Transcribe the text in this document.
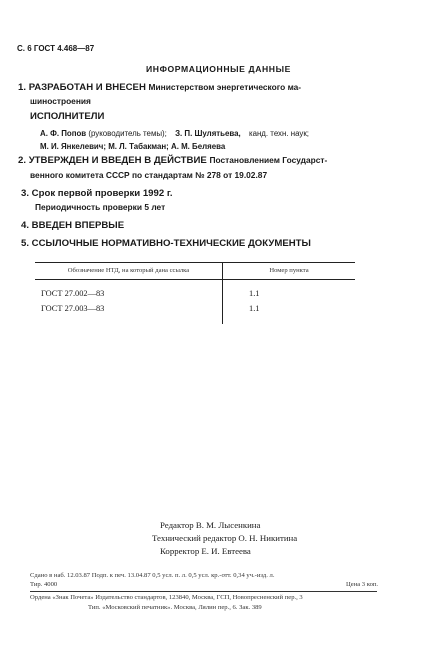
С. 6 ГОСТ 4.468—87
ИНФОРМАЦИОННЫЕ ДАННЫЕ
1. РАЗРАБОТАН И ВНЕСЕН Министерством энергетического ма-
шиностроения
ИСПОЛНИТЕЛИ
А. Ф. Попов (руководитель темы); З. П. Шулятьева, канд. техн. наук;
М. И. Янкелевич; М. Л. Табакман; А. М. Беляева
2. УТВЕРЖДЕН И ВВЕДЕН В ДЕЙСТВИЕ Постановлением Государст-
венного комитета СССР по стандартам № 278 от 19.02.87
3. Срок первой проверки 1992 г.
Периодичность проверки 5 лет
4. ВВЕДЕН ВПЕРВЫЕ
5. ССЫЛОЧНЫЕ НОРМАТИВНО-ТЕХНИЧЕСКИЕ ДОКУМЕНТЫ
Обозначение НТД, на который дана ссылка	Номер пункта
ГОСТ 27.002—83	1.1
ГОСТ 27.003—83	1.1

Редактор В. М. Лысенкина
Технический редактор О. Н. Никитина
Корректор Е. И. Евтеева
Сдано в наб. 12.03.87 Подп. к печ. 13.04.87 0,5 усл. п. л. 0,5 усл. кр.-отт. 0,34 уч.-изд. л.
Тир. 4000	Цена 3 коп.
Ордена «Знак Почета» Издательство стандартов, 123840, Москва, ГСП, Новопресненский пер., 3
Тип. «Московский печатник». Москва, Лялин пер., 6. Зак. 389
